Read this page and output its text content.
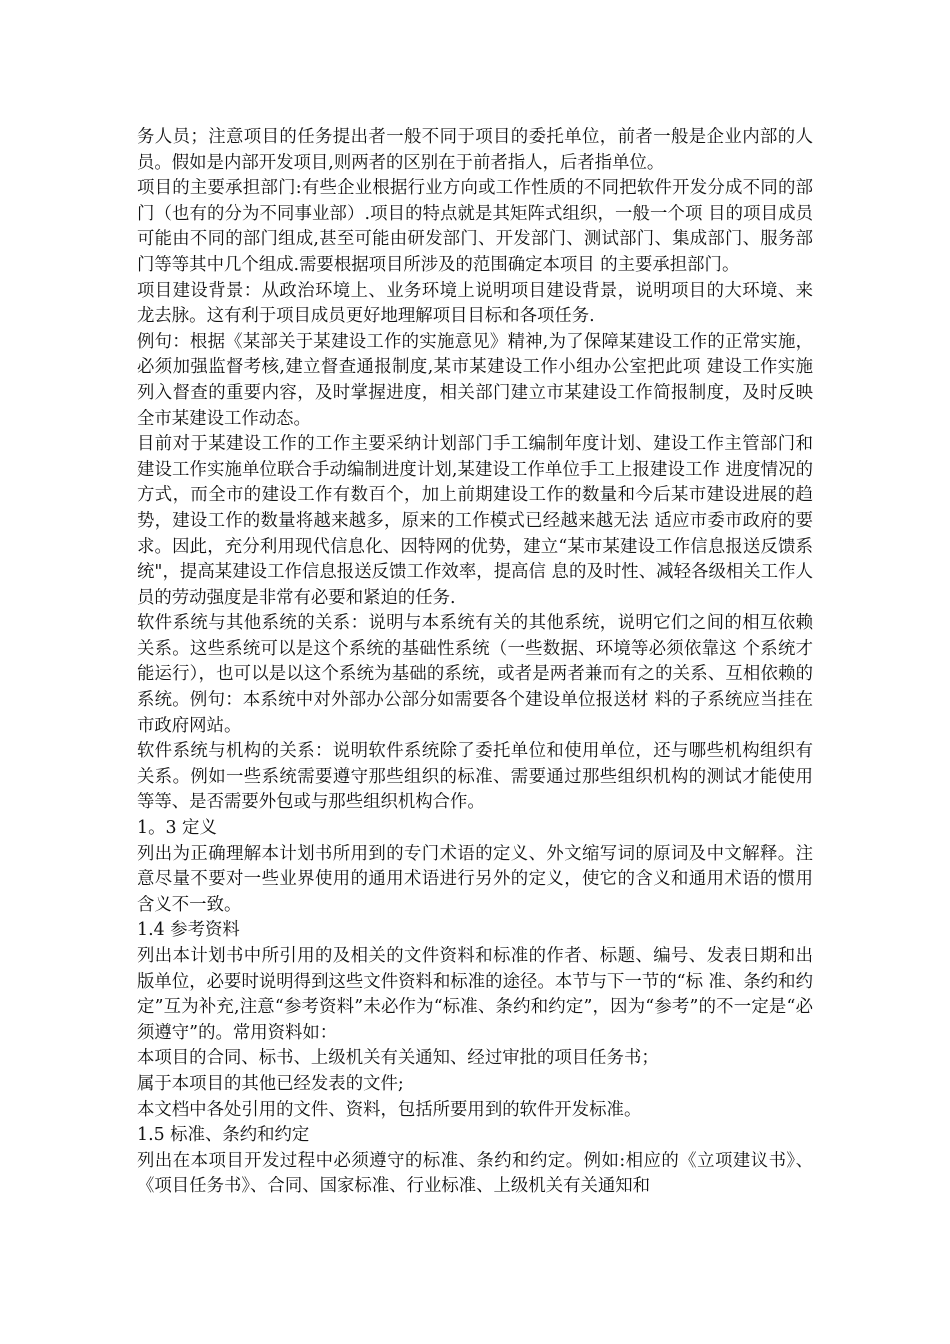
务人员；注意项目的任务提出者一般不同于项目的委托单位，前者一般是企业内部的人员。假如是内部开发项目,则两者的区别在于前者指人，后者指单位。

项目的主要承担部门:有些企业根据行业方向或工作性质的不同把软件开发分成不同的部门（也有的分为不同事业部）.项目的特点就是其矩阵式组织，一般一个项 目的项目成员可能由不同的部门组成,甚至可能由研发部门、开发部门、测试部门、集成部门、服务部门等等其中几个组成.需要根据项目所涉及的范围确定本项目 的主要承担部门。

项目建设背景：从政治环境上、业务环境上说明项目建设背景，说明项目的大环境、来龙去脉。这有利于项目成员更好地理解项目目标和各项任务.

例句：根据《某部关于某建设工作的实施意见》精神,为了保障某建设工作的正常实施，必须加强监督考核,建立督查通报制度,某市某建设工作小组办公室把此项 建设工作实施列入督查的重要内容，及时掌握进度，相关部门建立市某建设工作简报制度，及时反映全市某建设工作动态。

目前对于某建设工作的工作主要采纳计划部门手工编制年度计划、建设工作主管部门和建设工作实施单位联合手动编制进度计划,某建设工作单位手工上报建设工作 进度情况的方式，而全市的建设工作有数百个，加上前期建设工作的数量和今后某市建设进展的趋势，建设工作的数量将越来越多，原来的工作模式已经越来越无法 适应市委市政府的要求。因此，充分利用现代信息化、因特网的优势，建立“某市某建设工作信息报送反馈系统"，提高某建设工作信息报送反馈工作效率，提高信 息的及时性、减轻各级相关工作人员的劳动强度是非常有必要和紧迫的任务.

软件系统与其他系统的关系：说明与本系统有关的其他系统，说明它们之间的相互依赖关系。这些系统可以是这个系统的基础性系统（一些数据、环境等必须依靠这 个系统才能运行），也可以是以这个系统为基础的系统，或者是两者兼而有之的关系、互相依赖的系统。例句：本系统中对外部办公部分如需要各个建设单位报送材 料的子系统应当挂在市政府网站。

软件系统与机构的关系：说明软件系统除了委托单位和使用单位，还与哪些机构组织有关系。例如一些系统需要遵守那些组织的标准、需要通过那些组织机构的测试才能使用等等、是否需要外包或与那些组织机构合作。

1。3 定义

列出为正确理解本计划书所用到的专门术语的定义、外文缩写词的原词及中文解释。注意尽量不要对一些业界使用的通用术语进行另外的定义，使它的含义和通用术语的惯用含义不一致。

1.4 参考资料

列出本计划书中所引用的及相关的文件资料和标准的作者、标题、编号、发表日期和出版单位，必要时说明得到这些文件资料和标准的途径。本节与下一节的“标 准、条约和约定”互为补充,注意“参考资料”未必作为“标准、条约和约定”，因为“参考”的不一定是“必须遵守”的。常用资料如：

本项目的合同、标书、上级机关有关通知、经过审批的项目任务书；

属于本项目的其他已经发表的文件;

本文档中各处引用的文件、资料，包括所要用到的软件开发标准。

1.5 标准、条约和约定

列出在本项目开发过程中必须遵守的标准、条约和约定。例如:相应的《立项建议书》、《项目任务书》、合同、国家标准、行业标准、上级机关有关通知和
